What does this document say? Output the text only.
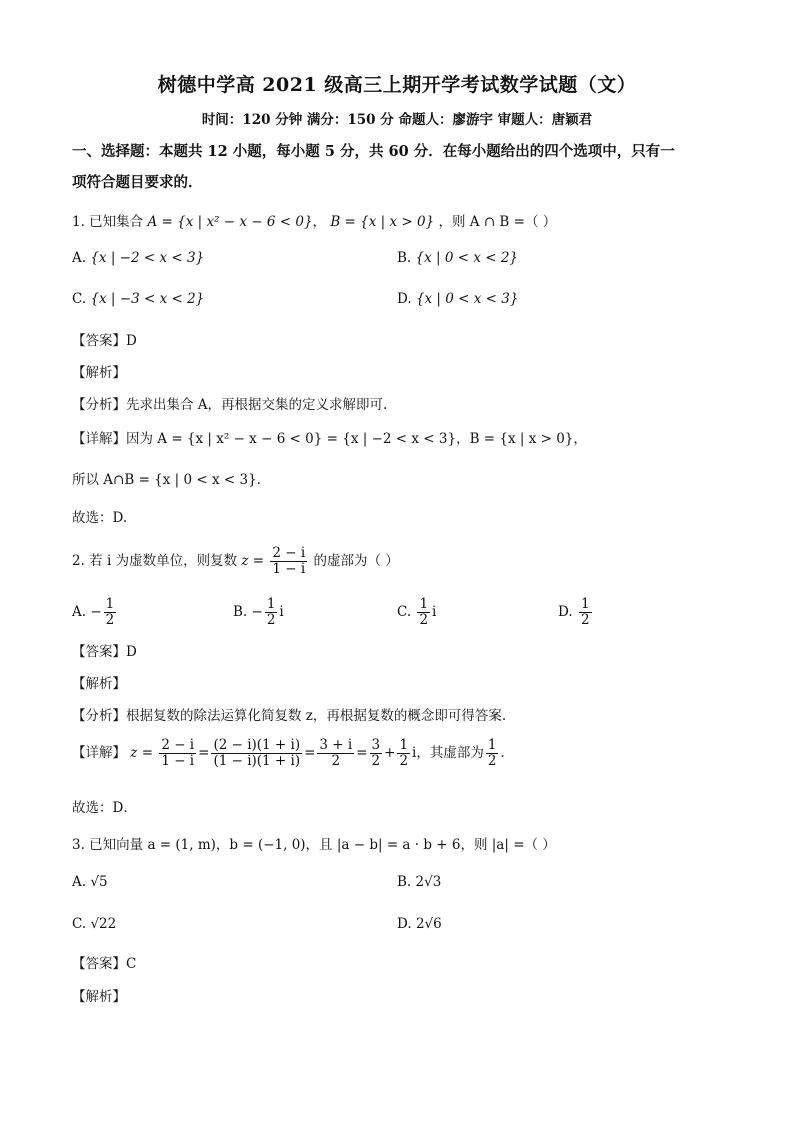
树德中学高 2021 级高三上期开学考试数学试题（文）
时间：120 分钟 满分：150 分 命题人：廖游宇 审题人：唐颖君
一、选择题：本题共 12 小题，每小题 5 分，共 60 分．在每小题给出的四个选项中，只有一
项符合题目要求的．
1. 已知集合 A = {x | x² − x − 6 < 0}， B = {x | x > 0} ，则 A ∩ B =（ ）
A. {x | −2 < x < 3}	B. {x | 0 < x < 2}
C. {x | −3 < x < 2}	D. {x | 0 < x < 3}
【答案】D
【解析】
【分析】先求出集合 A，再根据交集的定义求解即可.
【详解】因为 A = {x | x² − x − 6 < 0} = {x | −2 < x < 3}，B = {x | x > 0}，
所以 A∩B = {x | 0 < x < 3}.
故选：D.
2. 若 i 为虚数单位，则复数 $z = \frac{2 - i}{1 - i}$ 的虚部为（ ）
A. − $\frac{1}{2}$	B. − $\frac{1}{2}$ i	C. $\frac{1}{2}$ i	D. $\frac{1}{2}$
【答案】D
【解析】
【分析】根据复数的除法运算化简复数 z，再根据复数的概念即可得答案.
【详解】 $z = \frac{2 - i}{1 - i} = \frac{(2 - i)(1 + i)}{(1 - i)(1 + i)} = \frac{3 + i}{2} = \frac{3}{2} + \frac{1}{2}$ i，其虚部为 $\frac{1}{2}$ ．
故选：D．
3. 已知向量 a = (1, m)，b = (−1, 0)，且 |a − b| = a · b + 6，则 |a| =（ ）
A. √5	B. 2√3
C. √22	D. 2√6
【答案】C
【解析】
